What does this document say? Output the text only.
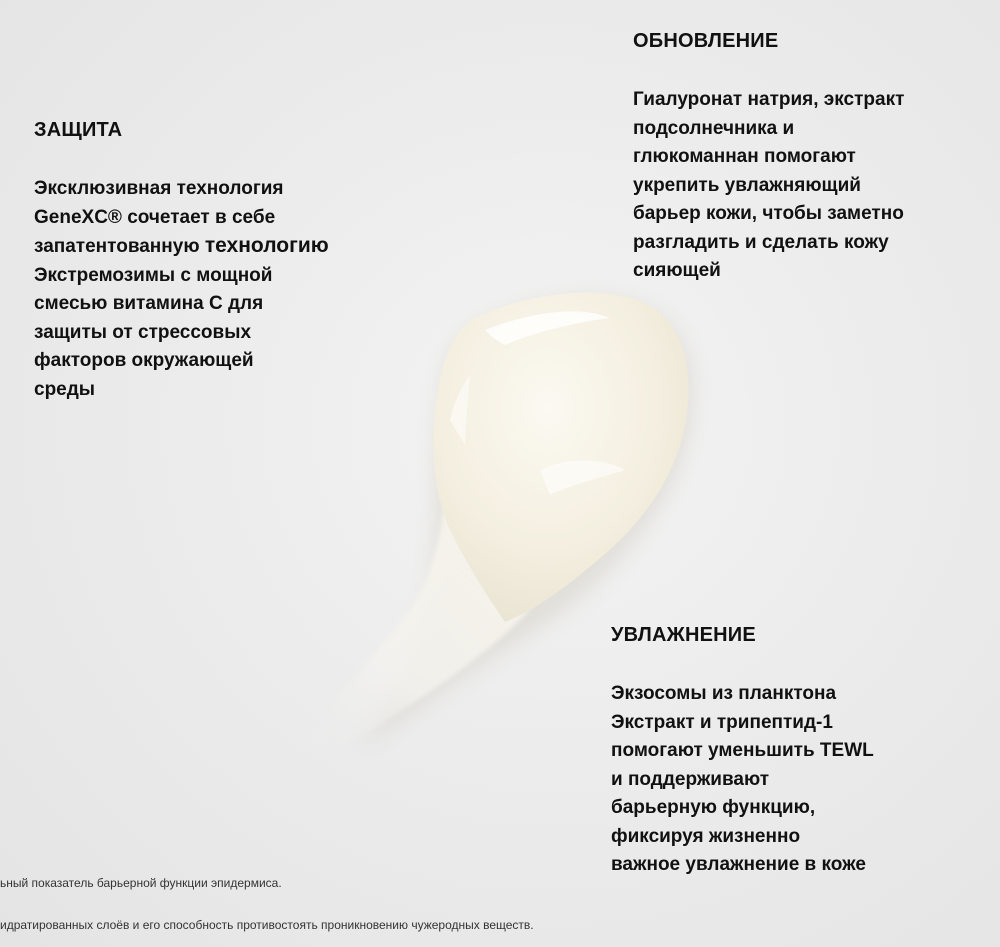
ЗАЩИТА

Эксклюзивная технология
GeneXC® сочетает в себе
запатентованную технологию
Экстремозимы с мощной
смесью витамина С для
защиты от стрессовых
факторов окружающей
среды

ОБНОВЛЕНИЕ

Гиалуронат натрия, экстракт
подсолнечника и
глюкоманнан помогают
укрепить увлажняющий
барьер кожи, чтобы заметно
разгладить и сделать кожу
сияющей

УВЛАЖНЕНИЕ

Экзосомы из планктона
Экстракт и трипептид-1
помогают уменьшить TEWL
и поддерживают
барьерную функцию,
фиксируя жизненно
важное увлажнение в коже

ьный показатель барьерной функции эпидермиса.
идратированных слоёв и его способность противостоять проникновению чужеродных веществ.
